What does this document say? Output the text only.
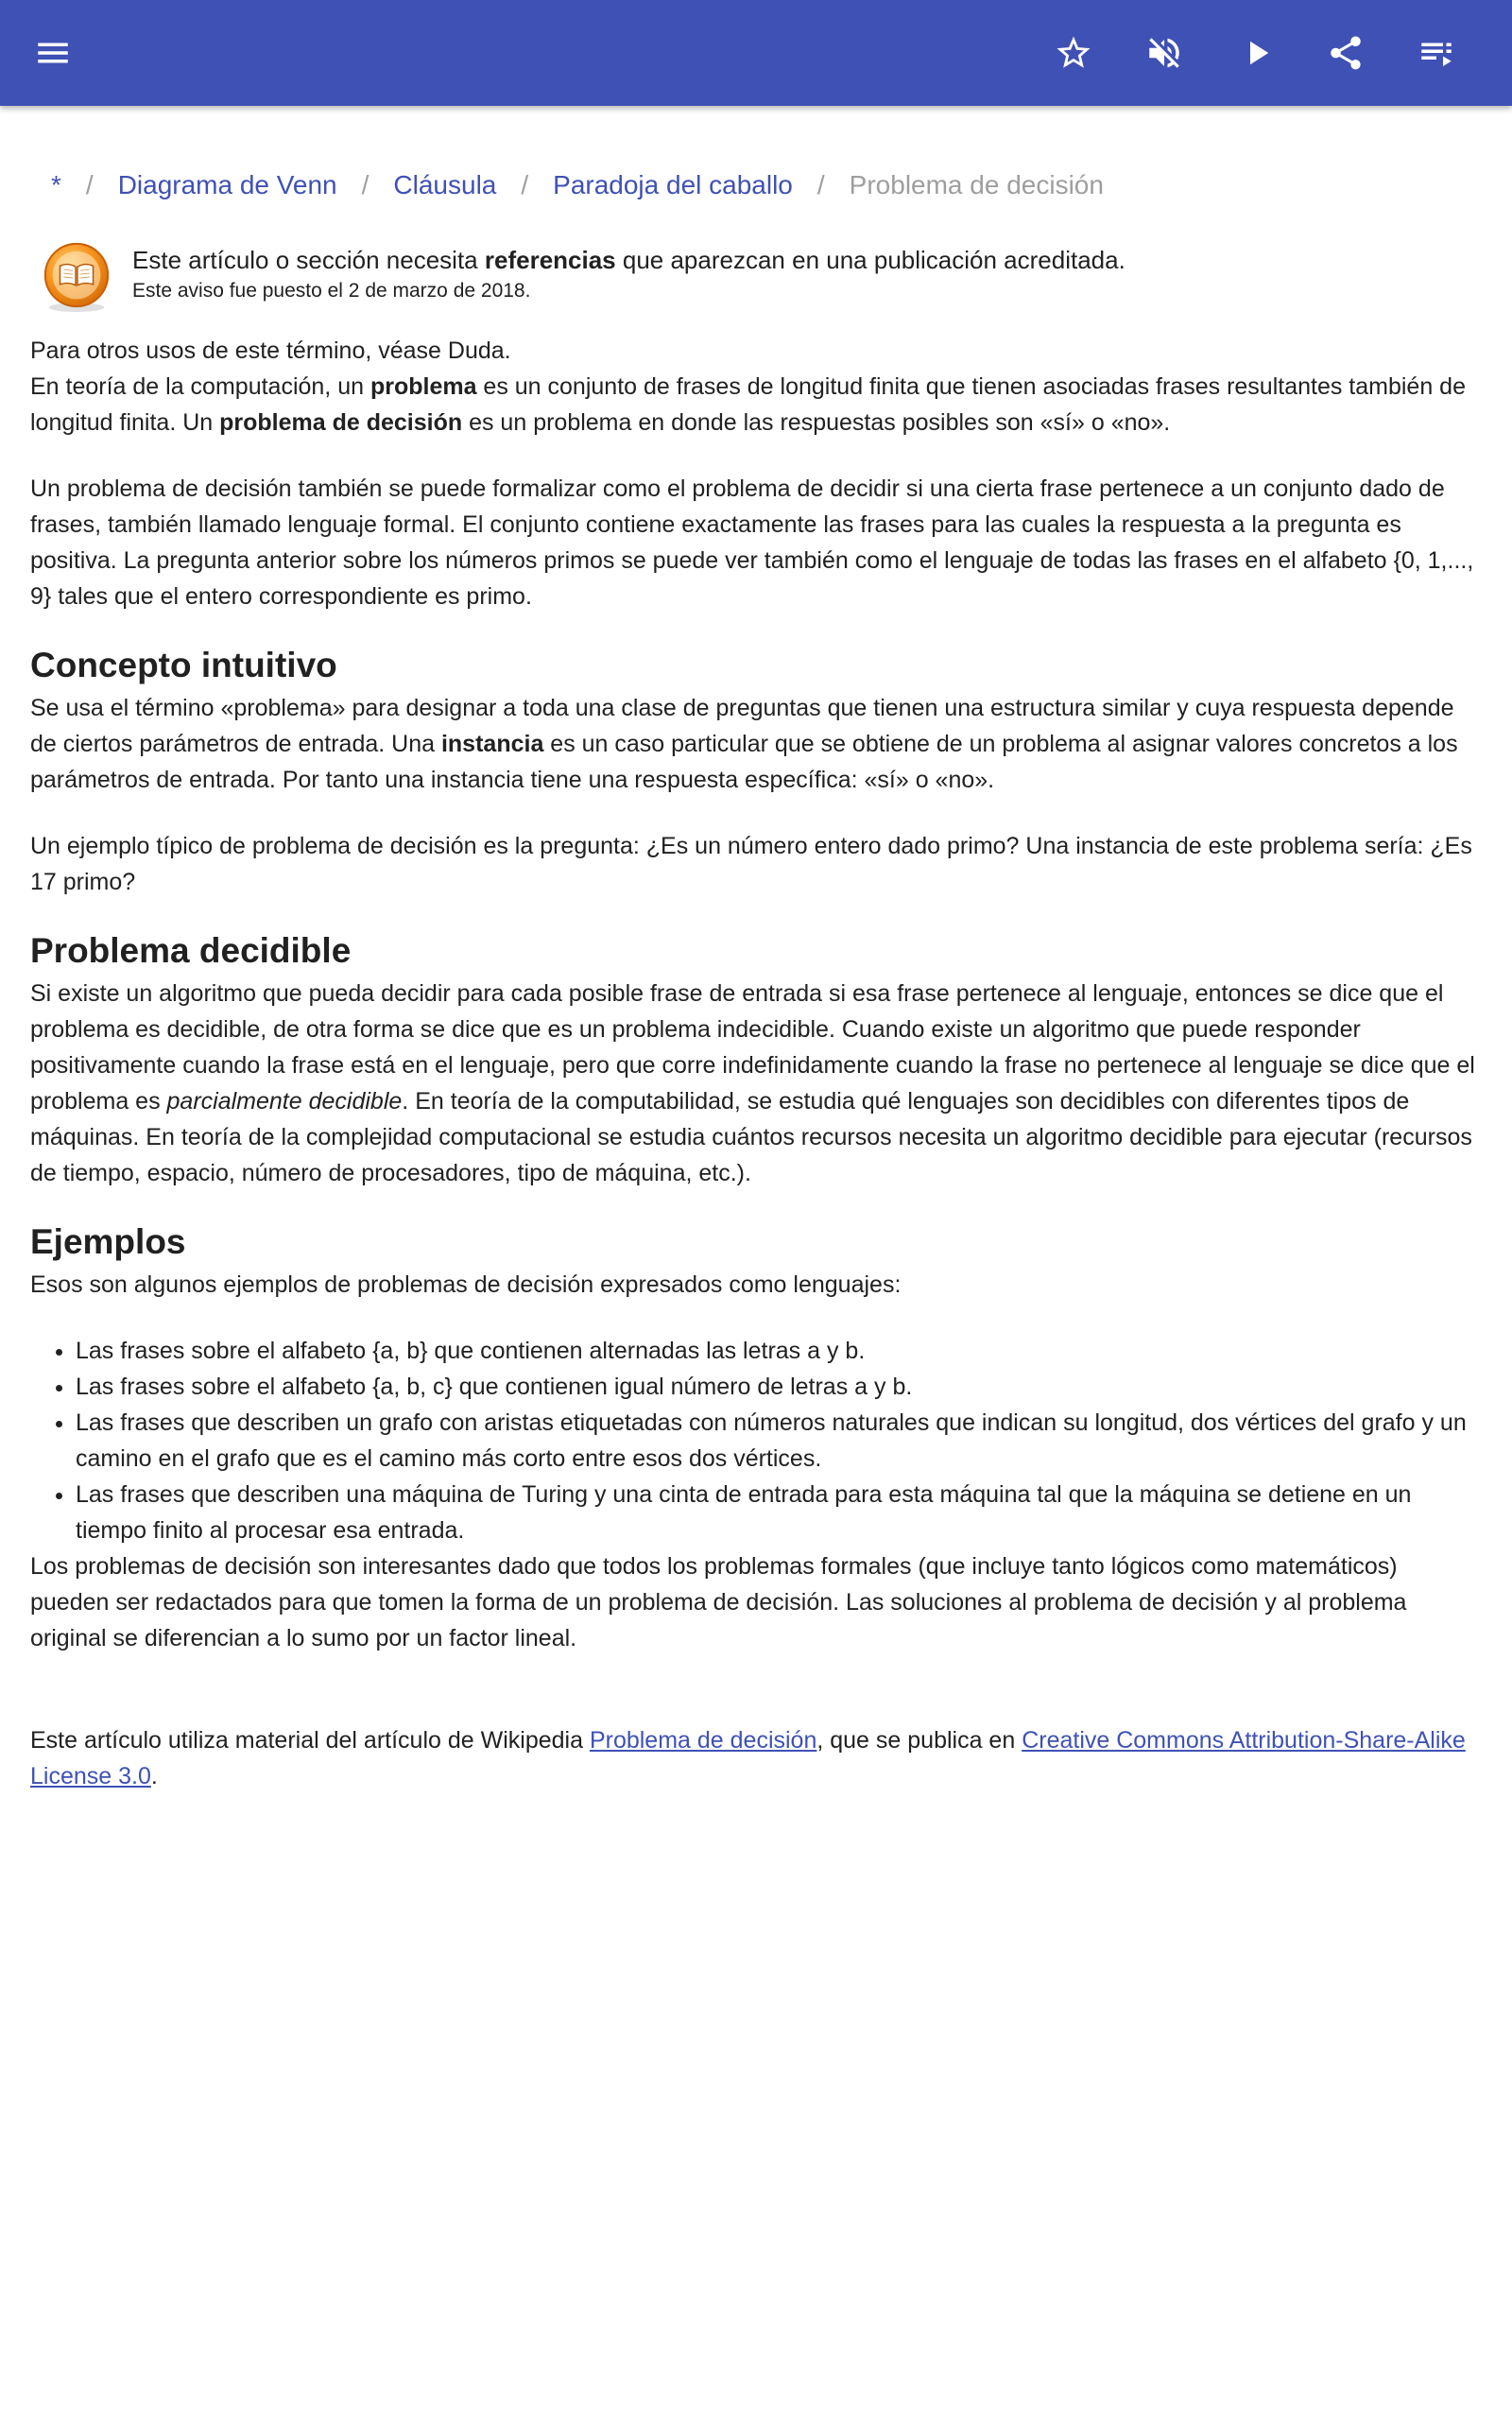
* / Diagrama de Venn / Cláusula / Paradoja del caballo / Problema de decisión
Este artículo o sección necesita referencias que aparezcan en una publicación acreditada.
Este aviso fue puesto el 2 de marzo de 2018.

Para otros usos de este término, véase Duda.

En teoría de la computación, un problema es un conjunto de frases de longitud finita que tienen asociadas frases resultantes también de longitud finita. Un problema de decisión es un problema en donde las respuestas posibles son «sí» o «no».

Un problema de decisión también se puede formalizar como el problema de decidir si una cierta frase pertenece a un conjunto dado de frases, también llamado lenguaje formal. El conjunto contiene exactamente las frases para las cuales la respuesta a la pregunta es positiva. La pregunta anterior sobre los números primos se puede ver también como el lenguaje de todas las frases en el alfabeto {0, 1,..., 9} tales que el entero correspondiente es primo.

Concepto intuitivo

Se usa el término «problema» para designar a toda una clase de preguntas que tienen una estructura similar y cuya respuesta depende de ciertos parámetros de entrada. Una instancia es un caso particular que se obtiene de un problema al asignar valores concretos a los parámetros de entrada. Por tanto una instancia tiene una respuesta específica: «sí» o «no».

Un ejemplo típico de problema de decisión es la pregunta: ¿Es un número entero dado primo? Una instancia de este problema sería: ¿Es 17 primo?

Problema decidible

Si existe un algoritmo que pueda decidir para cada posible frase de entrada si esa frase pertenece al lenguaje, entonces se dice que el problema es decidible, de otra forma se dice que es un problema indecidible. Cuando existe un algoritmo que puede responder positivamente cuando la frase está en el lenguaje, pero que corre indefinidamente cuando la frase no pertenece al lenguaje se dice que el problema es parcialmente decidible. En teoría de la computabilidad, se estudia qué lenguajes son decidibles con diferentes tipos de máquinas. En teoría de la complejidad computacional se estudia cuántos recursos necesita un algoritmo decidible para ejecutar (recursos de tiempo, espacio, número de procesadores, tipo de máquina, etc.).

Ejemplos

Esos son algunos ejemplos de problemas de decisión expresados como lenguajes:

• Las frases sobre el alfabeto {a, b} que contienen alternadas las letras a y b.
• Las frases sobre el alfabeto {a, b, c} que contienen igual número de letras a y b.
• Las frases que describen un grafo con aristas etiquetadas con números naturales que indican su longitud, dos vértices del grafo y un camino en el grafo que es el camino más corto entre esos dos vértices.
• Las frases que describen una máquina de Turing y una cinta de entrada para esta máquina tal que la máquina se detiene en un tiempo finito al procesar esa entrada.

Los problemas de decisión son interesantes dado que todos los problemas formales (que incluye tanto lógicos como matemáticos) pueden ser redactados para que tomen la forma de un problema de decisión. Las soluciones al problema de decisión y al problema original se diferencian a lo sumo por un factor lineal.

Este artículo utiliza material del artículo de Wikipedia Problema de decisión, que se publica en Creative Commons Attribution-Share-Alike License 3.0.
